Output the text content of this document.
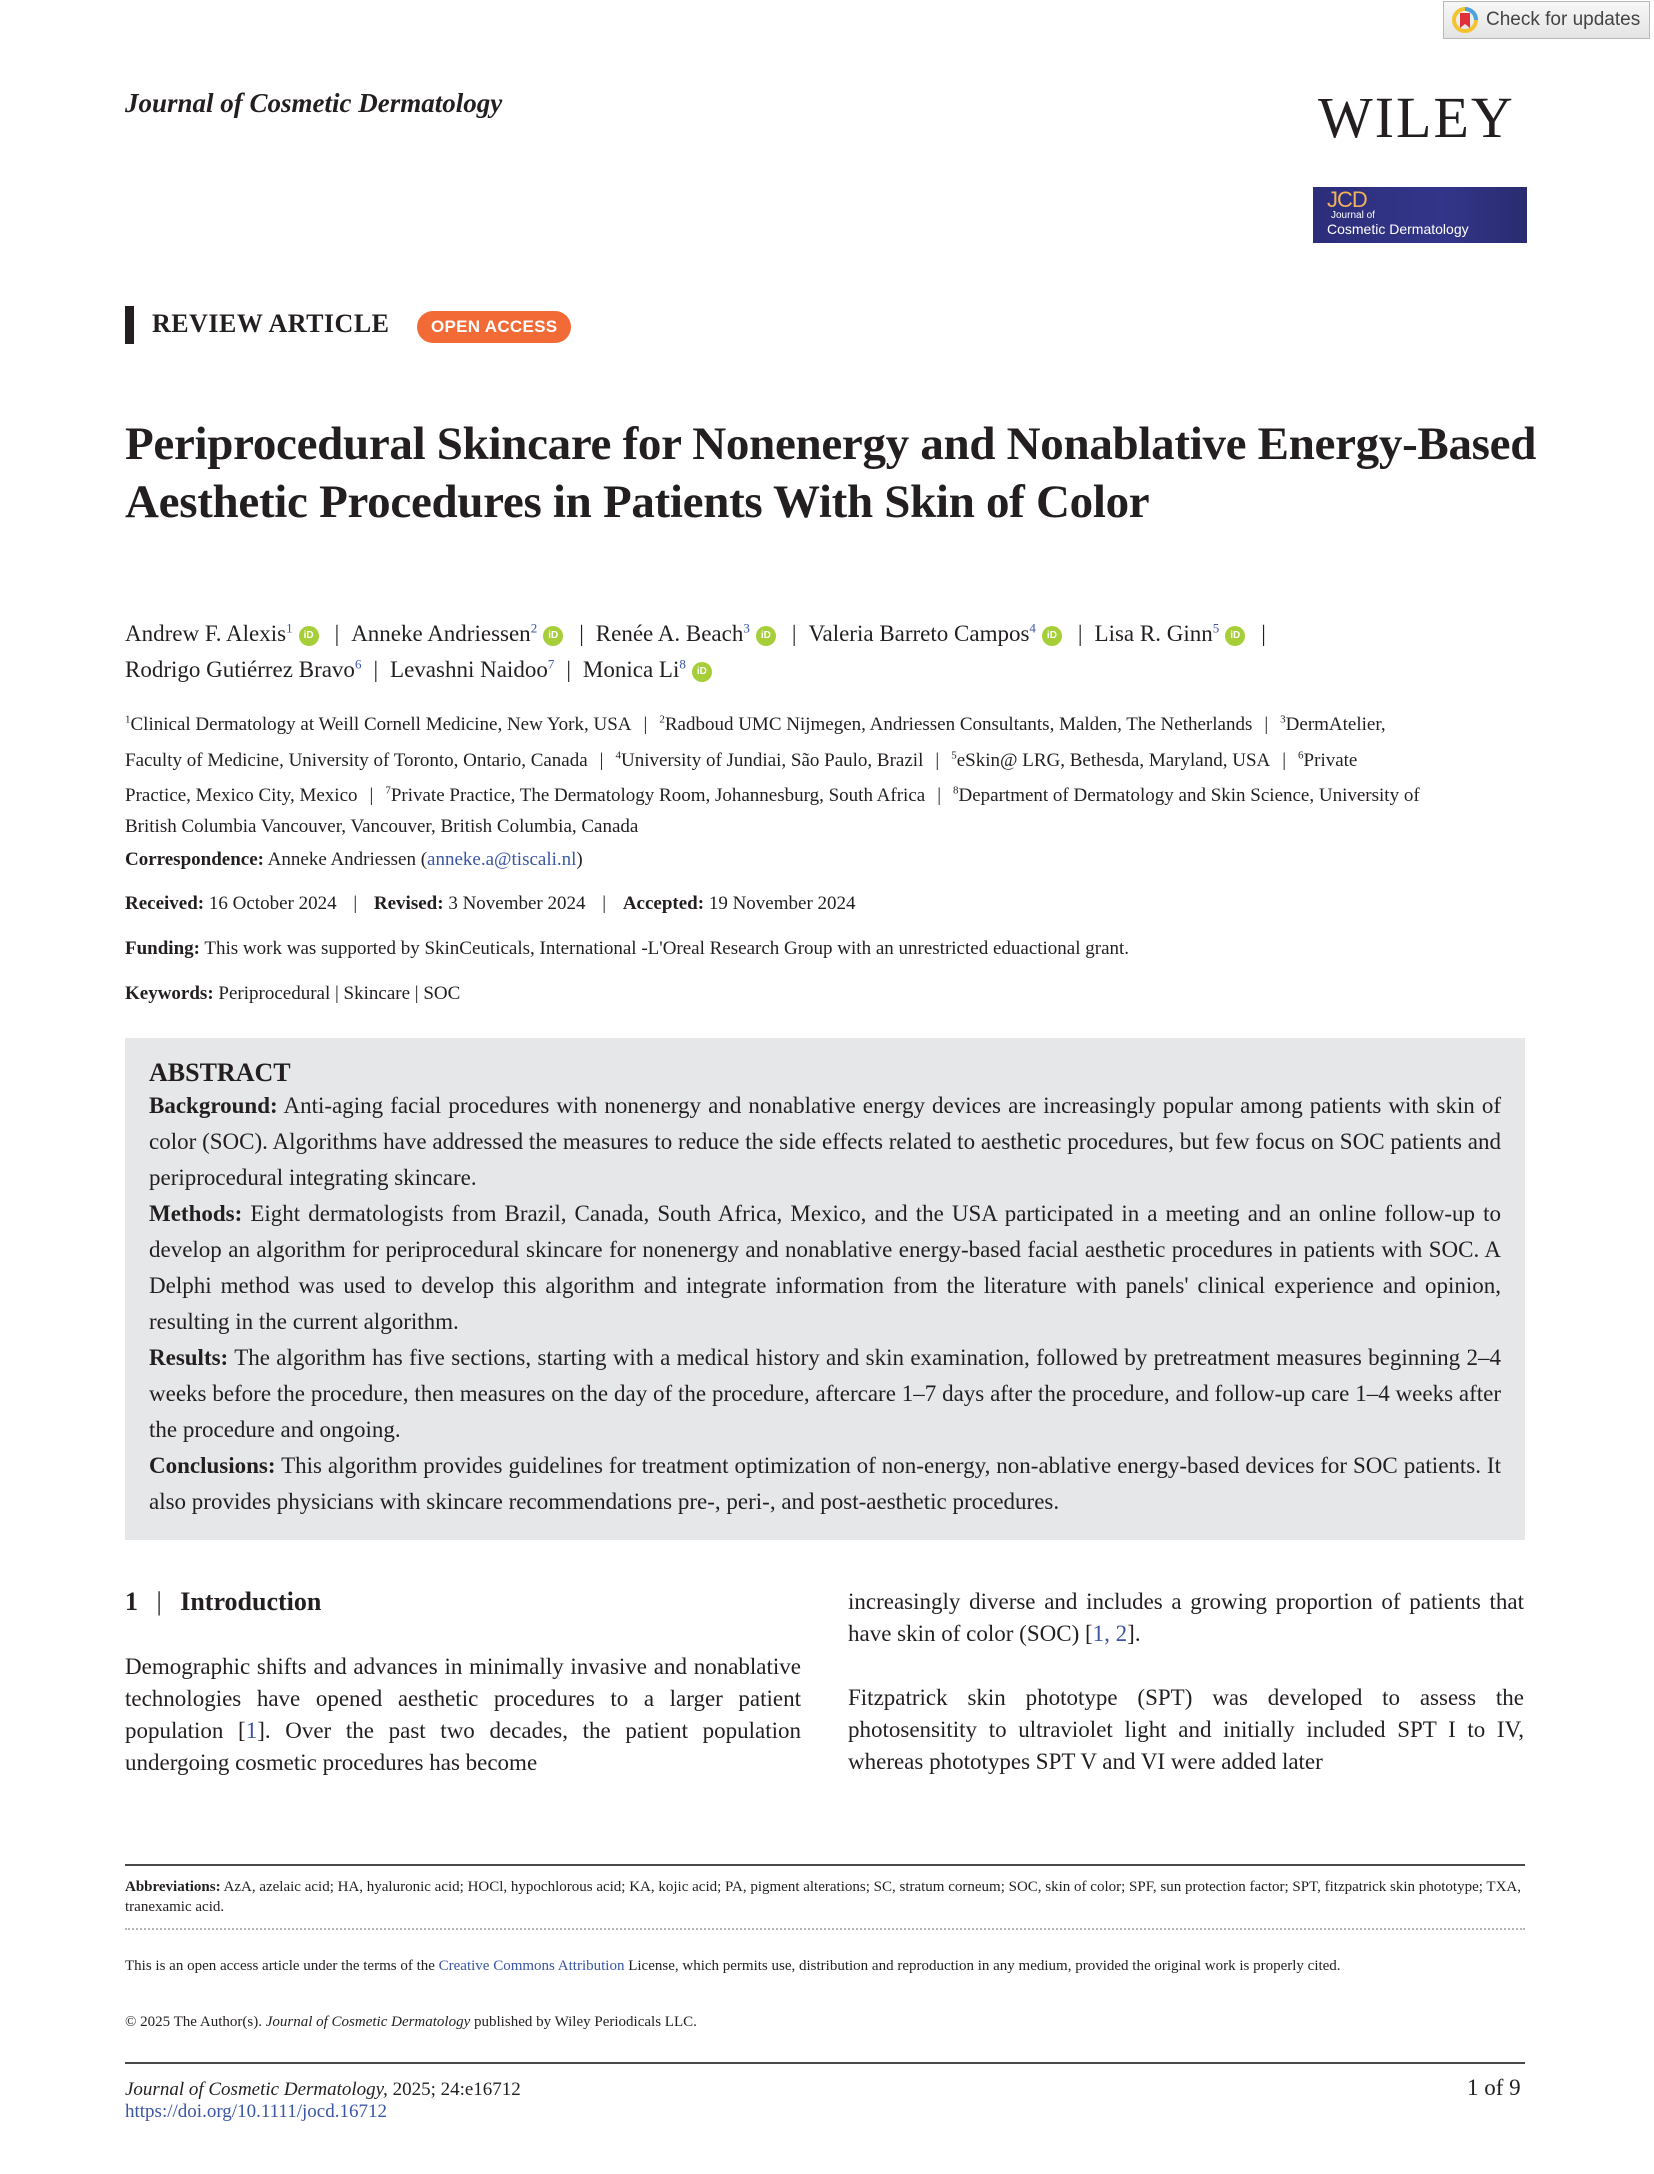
Check for updates
Journal of Cosmetic Dermatology	WILEY
JCD
Journal of
Cosmetic Dermatology
REVIEW ARTICLE	OPEN ACCESS
Periprocedural Skincare for Nonenergy and Nonablative Energy-Based Aesthetic Procedures in Patients With Skin of Color
Andrew F. Alexis$^1$iD | Anneke Andriessen$^2$iD | Renée A. Beach$^3$iD | Valeria Barreto Campos$^4$iD | Lisa R. Ginn$^5$iD |
Rodrigo Gutiérrez Bravo$^6$ | Levashni Naidoo$^7$ | Monica Li$^8$iD
$^1$Clinical Dermatology at Weill Cornell Medicine, New York, USA | $^2$Radboud UMC Nijmegen, Andriessen Consultants, Malden, The Netherlands | $^3$DermAtelier, Faculty of Medicine, University of Toronto, Ontario, Canada | $^4$University of Jundiai, São Paulo, Brazil | $^5$eSkin@ LRG, Bethesda, Maryland, USA | $^6$Private Practice, Mexico City, Mexico | $^7$Private Practice, The Dermatology Room, Johannesburg, South Africa | $^8$Department of Dermatology and Skin Science, University of British Columbia Vancouver, Vancouver, British Columbia, Canada
Correspondence: Anneke Andriessen (anneke.a@tiscali.nl)
Received: 16 October 2024 | Revised: 3 November 2024 | Accepted: 19 November 2024
Funding: This work was supported by SkinCeuticals, International -L'Oreal Research Group with an unrestricted eduactional grant.
Keywords: Periprocedural | Skincare | SOC
ABSTRACT
Background: Anti-aging facial procedures with nonenergy and nonablative energy devices are increasingly popular among patients with skin of color (SOC). Algorithms have addressed the measures to reduce the side effects related to aesthetic procedures, but few focus on SOC patients and periprocedural integrating skincare.
Methods: Eight dermatologists from Brazil, Canada, South Africa, Mexico, and the USA participated in a meeting and an online follow-up to develop an algorithm for periprocedural skincare for nonenergy and nonablative energy-based facial aesthetic procedures in patients with SOC. A Delphi method was used to develop this algorithm and integrate information from the literature with panels' clinical experience and opinion, resulting in the current algorithm.
Results: The algorithm has five sections, starting with a medical history and skin examination, followed by pretreatment measures beginning 2–4 weeks before the procedure, then measures on the day of the procedure, aftercare 1–7 days after the procedure, and follow-up care 1–4 weeks after the procedure and ongoing.
Conclusions: This algorithm provides guidelines for treatment optimization of non-energy, non-ablative energy-based devices for SOC patients. It also provides physicians with skincare recommendations pre-, peri-, and post-aesthetic procedures.
1 | Introduction
Demographic shifts and advances in minimally invasive and nonablative technologies have opened aesthetic procedures to a larger patient population [1]. Over the past two decades, the patient population undergoing cosmetic procedures has become
increasingly diverse and includes a growing proportion of patients that have skin of color (SOC) [1, 2].
Fitzpatrick skin phototype (SPT) was developed to assess the photosensitity to ultraviolet light and initially included SPT I to IV, whereas phototypes SPT V and VI were added later
Abbreviations: AzA, azelaic acid; HA, hyaluronic acid; HOCl, hypochlorous acid; KA, kojic acid; PA, pigment alterations; SC, stratum corneum; SOC, skin of color; SPF, sun protection factor; SPT, fitzpatrick skin phototype; TXA, tranexamic acid.
This is an open access article under the terms of the Creative Commons Attribution License, which permits use, distribution and reproduction in any medium, provided the original work is properly cited.
© 2025 The Author(s). Journal of Cosmetic Dermatology published by Wiley Periodicals LLC.
Journal of Cosmetic Dermatology, 2025; 24:e16712
https://doi.org/10.1111/jocd.16712
1 of 9
